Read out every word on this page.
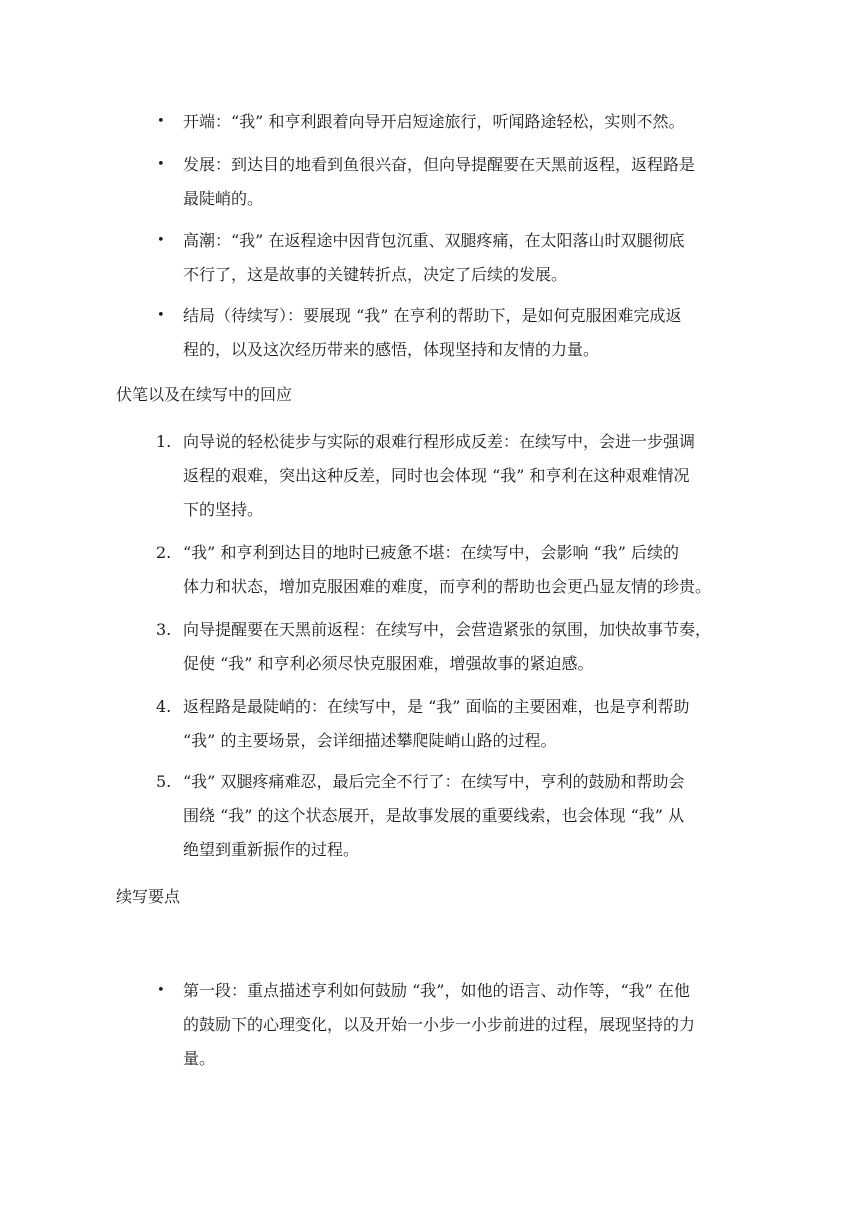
• 开端：“我” 和亨利跟着向导开启短途旅行，听闻路途轻松，实则不然。

• 发展：到达目的地看到鱼很兴奋，但向导提醒要在天黑前返程，返程路是

最陡峭的。

• 高潮：“我” 在返程途中因背包沉重、双腿疼痛，在太阳落山时双腿彻底

不行了，这是故事的关键转折点，决定了后续的发展。

• 结局（待续写）：要展现 “我” 在亨利的帮助下，是如何克服困难完成返

程的，以及这次经历带来的感悟，体现坚持和友情的力量。

伏笔以及在续写中的回应

1. 向导说的轻松徒步与实际的艰难行程形成反差：在续写中，会进一步强调

返程的艰难，突出这种反差，同时也会体现 “我” 和亨利在这种艰难情况

下的坚持。

2. “我” 和亨利到达目的地时已疲惫不堪：在续写中，会影响 “我” 后续的

体力和状态，增加克服困难的难度，而亨利的帮助也会更凸显友情的珍贵。

3. 向导提醒要在天黑前返程：在续写中，会营造紧张的氛围，加快故事节奏，

促使 “我” 和亨利必须尽快克服困难，增强故事的紧迫感。

4. 返程路是最陡峭的：在续写中，是 “我” 面临的主要困难，也是亨利帮助

“我” 的主要场景，会详细描述攀爬陡峭山路的过程。

5. “我” 双腿疼痛难忍，最后完全不行了：在续写中，亨利的鼓励和帮助会

围绕 “我” 的这个状态展开，是故事发展的重要线索，也会体现 “我” 从

绝望到重新振作的过程。

续写要点

• 第一段：重点描述亨利如何鼓励 “我”，如他的语言、动作等，“我” 在他

的鼓励下的心理变化，以及开始一小步一小步前进的过程，展现坚持的力

量。
